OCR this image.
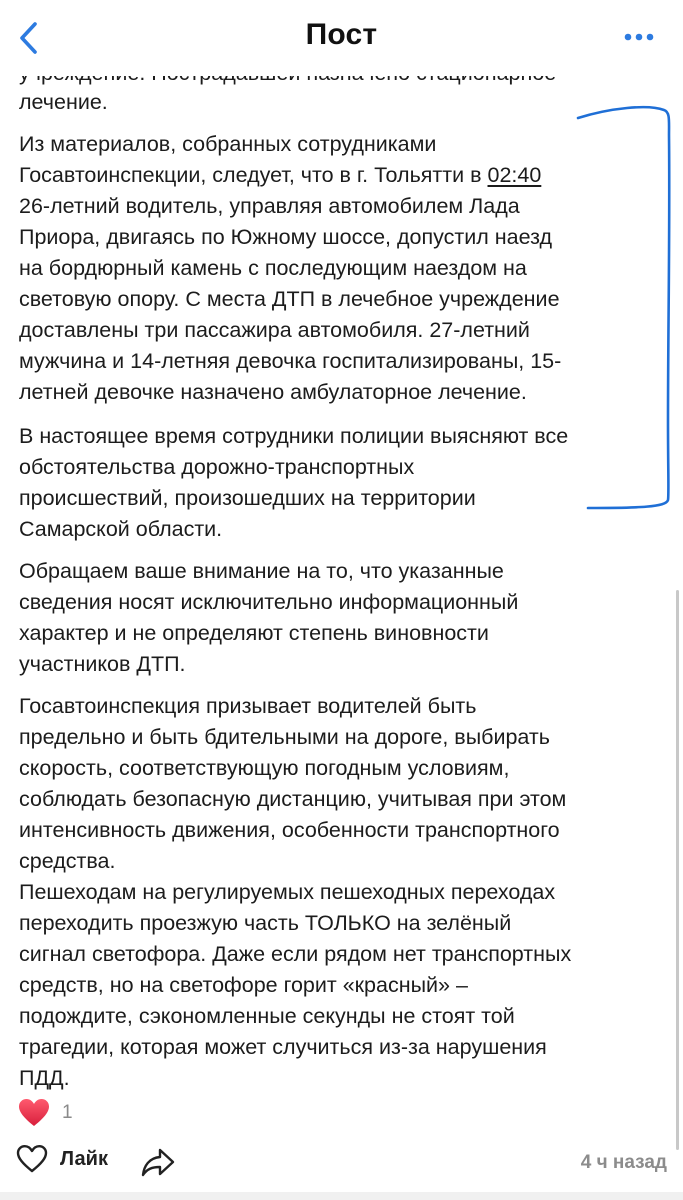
лечение.
Из материалов, собранных сотрудниками
Госавтоинспекции, следует, что в г. Тольятти в 02:40
26-летний водитель, управляя автомобилем Лада
Приора, двигаясь по Южному шоссе, допустил наезд
на бордюрный камень с последующим наездом на
световую опору. С места ДТП в лечебное учреждение
доставлены три пассажира автомобиля. 27-летний
мужчина и 14-летняя девочка госпитализированы, 15-
летней девочке назначено амбулаторное лечение.
В настоящее время сотрудники полиции выясняют все
обстоятельства дорожно-транспортных
происшествий, произошедших на территории
Самарской области.
Обращаем ваше внимание на то, что указанные
сведения носят исключительно информационный
характер и не определяют степень виновности
участников ДТП.
Госавтоинспекция призывает водителей быть
предельно и быть бдительными на дороге, выбирать
скорость, соответствующую погодным условиям,
соблюдать безопасную дистанцию, учитывая при этом
интенсивность движения, особенности транспортного
средства.
Пешеходам на регулируемых пешеходных переходах
переходить проезжую часть ТОЛЬКО на зелёный
сигнал светофора. Даже если рядом нет транспортных
средств, но на светофоре горит «красный» –
подождите, сэкономленные секунды не стоят той
трагедии, которая может случиться из-за нарушения
ПДД.
Пост
1
Лайк	4 ч назад
